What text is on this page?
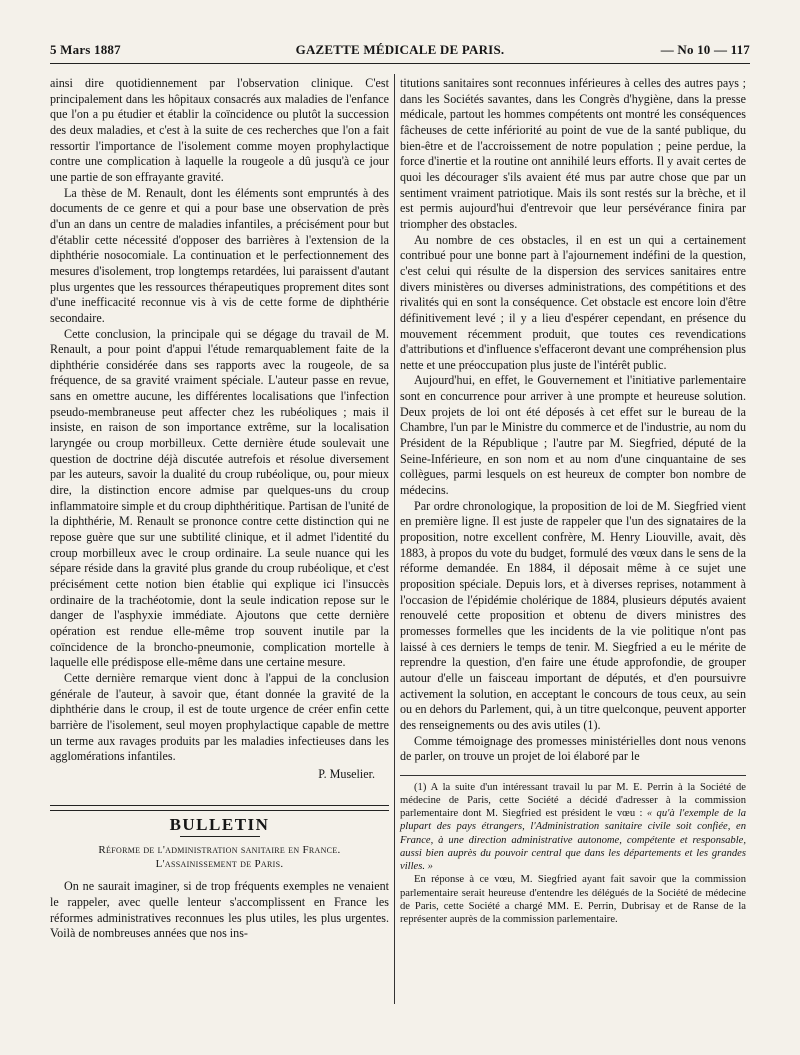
5 Mars 1887	GAZETTE MÉDICALE DE PARIS.	— No 10 — 117

ainsi dire quotidiennement par l'observation clinique. C'est principalement dans les hôpitaux consacrés aux maladies de l'enfance que l'on a pu étudier et établir la coïncidence ou plutôt la succession des deux maladies, et c'est à la suite de ces recherches que l'on a fait ressortir l'importance de l'isolement comme moyen prophylactique contre une complication à laquelle la rougeole a dû jusqu'à ce jour une partie de son effrayante gravité.

La thèse de M. Renault, dont les éléments sont empruntés à des documents de ce genre et qui a pour base une observation de près d'un an dans un centre de maladies infantiles, a précisément pour but d'établir cette nécessité d'opposer des barrières à l'extension de la diphthérie nosocomiale. La continuation et le perfectionnement des mesures d'isolement, trop longtemps retardées, lui paraissent d'autant plus urgentes que les ressources thérapeutiques proprement dites sont d'une inefficacité reconnue vis à vis de cette forme de diphthérie secondaire.

Cette conclusion, la principale qui se dégage du travail de M. Renault, a pour point d'appui l'étude remarquablement faite de la diphthérie considérée dans ses rapports avec la rougeole, de sa fréquence, de sa gravité vraiment spéciale. L'auteur passe en revue, sans en omettre aucune, les différentes localisations que l'infection pseudo-membraneuse peut affecter chez les rubéoliques ; mais il insiste, en raison de son importance extrême, sur la localisation laryngée ou croup morbilleux. Cette dernière étude soulevait une question de doctrine déjà discutée autrefois et résolue diversement par les auteurs, savoir la dualité du croup rubéolique, ou, pour mieux dire, la distinction encore admise par quelques-uns du croup inflammatoire simple et du croup diphthéritique. Partisan de l'unité de la diphthérie, M. Renault se prononce contre cette distinction qui ne repose guère que sur une subtilité clinique, et il admet l'identité du croup morbilleux avec le croup ordinaire. La seule nuance qui les sépare réside dans la gravité plus grande du croup rubéolique, et c'est précisément cette notion bien établie qui explique ici l'insuccès ordinaire de la trachéotomie, dont la seule indication repose sur le danger de l'asphyxie immédiate. Ajoutons que cette dernière opération est rendue elle-même trop souvent inutile par la coïncidence de la broncho-pneumonie, complication mortelle à laquelle elle prédispose elle-même dans une certaine mesure.

Cette dernière remarque vient donc à l'appui de la conclusion générale de l'auteur, à savoir que, étant donnée la gravité de la diphthérie dans le croup, il est de toute urgence de créer enfin cette barrière de l'isolement, seul moyen prophylactique capable de mettre un terme aux ravages produits par les maladies infectieuses dans les agglomérations infantiles.

P. Muselier.

BULLETIN
Réforme de l'administration sanitaire en France.
L'assainissement de Paris.

On ne saurait imaginer, si de trop fréquents exemples ne venaient le rappeler, avec quelle lenteur s'accomplissent en France les réformes administratives reconnues les plus utiles, les plus urgentes. Voilà de nombreuses années que nos ins-

titutions sanitaires sont reconnues inférieures à celles des autres pays ; dans les Sociétés savantes, dans les Congrès d'hygiène, dans la presse médicale, partout les hommes compétents ont montré les conséquences fâcheuses de cette infériorité au point de vue de la santé publique, du bien-être et de l'accroissement de notre population ; peine perdue, la force d'inertie et la routine ont annihilé leurs efforts. Il y avait certes de quoi les décourager s'ils avaient été mus par autre chose que par un sentiment vraiment patriotique. Mais ils sont restés sur la brèche, et il est permis aujourd'hui d'entrevoir que leur persévérance finira par triompher des obstacles.

Au nombre de ces obstacles, il en est un qui a certainement contribué pour une bonne part à l'ajournement indéfini de la question, c'est celui qui résulte de la dispersion des services sanitaires entre divers ministères ou diverses administrations, des compétitions et des rivalités qui en sont la conséquence. Cet obstacle est encore loin d'être définitivement levé ; il y a lieu d'espérer cependant, en présence du mouvement récemment produit, que toutes ces revendications d'attributions et d'influence s'effaceront devant une compréhension plus nette et une préoccupation plus juste de l'intérêt public.

Aujourd'hui, en effet, le Gouvernement et l'initiative parlementaire sont en concurrence pour arriver à une prompte et heureuse solution. Deux projets de loi ont été déposés à cet effet sur le bureau de la Chambre, l'un par le Ministre du commerce et de l'industrie, au nom du Président de la République ; l'autre par M. Siegfried, député de la Seine-Inférieure, en son nom et au nom d'une cinquantaine de ses collègues, parmi lesquels on est heureux de compter bon nombre de médecins.

Par ordre chronologique, la proposition de loi de M. Siegfried vient en première ligne. Il est juste de rappeler que l'un des signataires de la proposition, notre excellent confrère, M. Henry Liouville, avait, dès 1883, à propos du vote du budget, formulé des vœux dans le sens de la réforme demandée. En 1884, il déposait même à ce sujet une proposition spéciale. Depuis lors, et à diverses reprises, notamment à l'occasion de l'épidémie cholérique de 1884, plusieurs députés avaient renouvelé cette proposition et obtenu de divers ministres des promesses formelles que les incidents de la vie politique n'ont pas laissé à ces derniers le temps de tenir. M. Siegfried a eu le mérite de reprendre la question, d'en faire une étude approfondie, de grouper autour d'elle un faisceau important de députés, et d'en poursuivre activement la solution, en acceptant le concours de tous ceux, au sein ou en dehors du Parlement, qui, à un titre quelconque, peuvent apporter des renseignements ou des avis utiles (1).

Comme témoignage des promesses ministérielles dont nous venons de parler, on trouve un projet de loi élaboré par le

(1) A la suite d'un intéressant travail lu par M. E. Perrin à la Société de médecine de Paris, cette Société a décidé d'adresser à la commission parlementaire dont M. Siegfried est président le vœu : « qu'à l'exemple de la plupart des pays étrangers, l'Administration sanitaire civile soit confiée, en France, à une direction administrative autonome, compétente et responsable, aussi bien auprès du pouvoir central que dans les départements et les grandes villes. »

En réponse à ce vœu, M. Siegfried ayant fait savoir que la commission parlementaire serait heureuse d'entendre les délégués de la Société de médecine de Paris, cette Société a chargé MM. E. Perrin, Dubrisay et de Ranse de la représenter auprès de la commission parlementaire.
